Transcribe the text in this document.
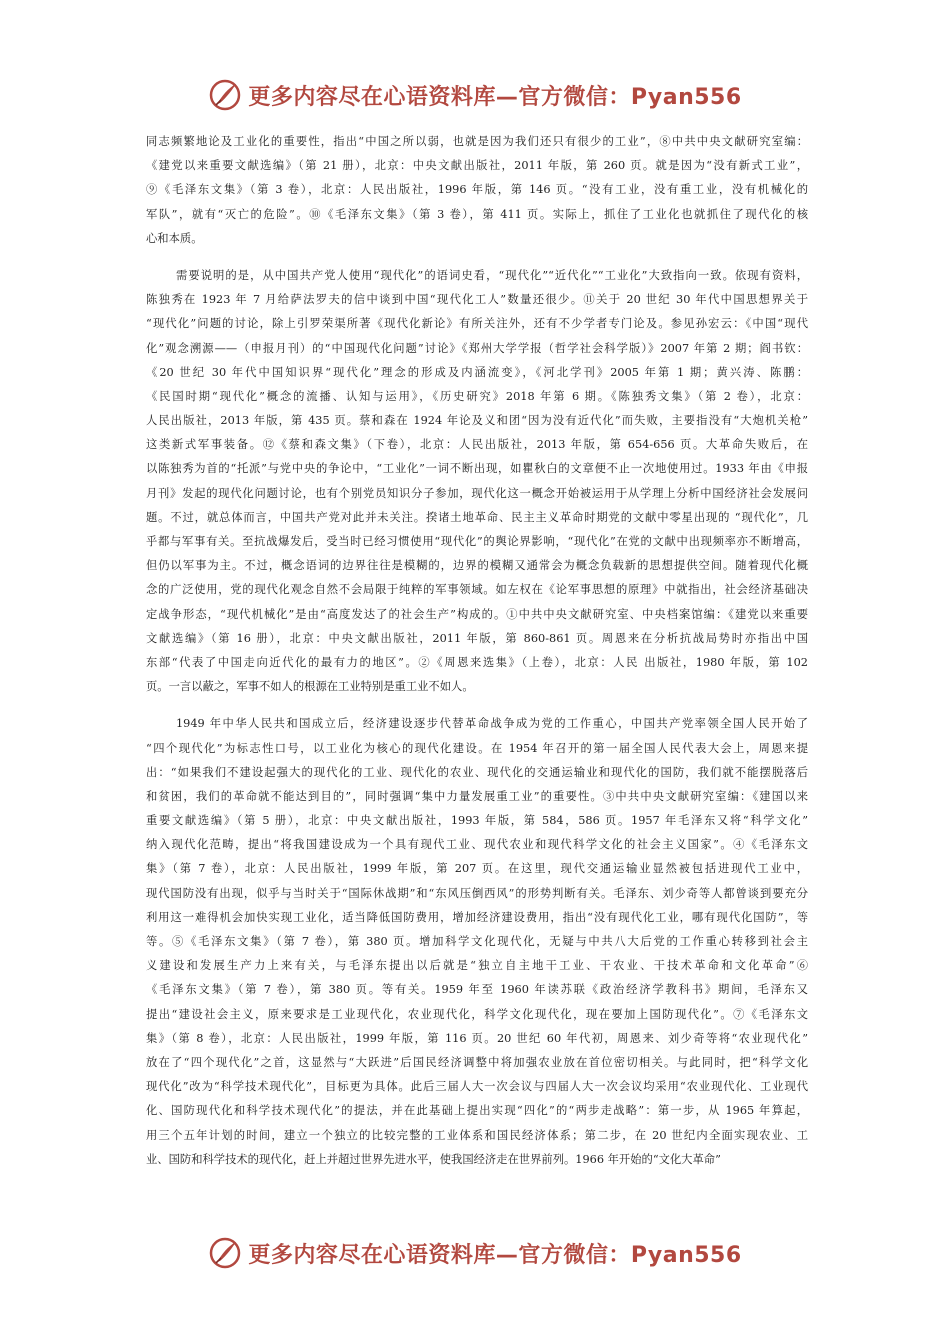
更多内容尽在心语资料库—官方微信：Pyan556
同志频繁地论及工业化的重要性，指出“中国之所以弱，也就是因为我们还只有很少的工业”，⑧中共中央文献研究室编：
《建党以来重要文献选编》（第 21 册），北京：中央文献出版社，2011 年版，第 260 页。就是因为“没有新式工业”，
⑨《毛泽东文集》（第 3 卷），北京：人民出版社，1996 年版，第 146 页。“没有工业，没有重工业，没有机械化的
军队”，就有“灭亡的危险”。⑩《毛泽东文集》（第 3 卷），第 411 页。实际上，抓住了工业化也就抓住了现代化的核
心和本质。
需要说明的是，从中国共产党人使用“现代化”的语词史看，“现代化”“近代化”“工业化”大致指向一致。依现有资料，
陈独秀在 1923 年 7 月给萨法罗夫的信中谈到中国“现代化工人”数量还很少。⑪关于 20 世纪 30 年代中国思想界关于
“现代化”问题的讨论，除上引罗荣渠所著《现代化新论》有所关注外，还有不少学者专门论及。参见孙宏云：《中国“现代
化”观念溯源——（申报月刊）的“中国现代化问题”讨论》《郑州大学学报（哲学社会科学版）》2007 年第 2 期；阎书钦：
《20 世纪 30 年代中国知识界“现代化”理念的形成及内涵流变》，《河北学刊》2005 年第 1 期；黄兴涛、陈鹏：
《民国时期“现代化”概念的流播、认知与运用》，《历史研究》2018 年第 6 期。《陈独秀文集》（第 2 卷），北京：
人民出版社，2013 年版，第 435 页。蔡和森在 1924 年论及义和团“因为没有近代化”而失败，主要指没有“大炮机关枪”
这类新式军事装备。⑫《蔡和森文集》（下卷），北京：人民出版社，2013 年版，第 654-656 页。大革命失败后，在
以陈独秀为首的“托派”与党中央的争论中，“工业化”一词不断出现，如瞿秋白的文章便不止一次地使用过。1933 年由《申报
月刊》发起的现代化问题讨论，也有个别党员知识分子参加，现代化这一概念开始被运用于从学理上分析中国经济社会发展问
题。不过，就总体而言，中国共产党对此并未关注。揆诸土地革命、民主主义革命时期党的文献中零星出现的 “现代化”，几
乎都与军事有关。至抗战爆发后，受当时已经习惯使用“现代化”的舆论界影响，“现代化”在党的文献中出现频率亦不断增高，
但仍以军事为主。不过，概念语词的边界往往是模糊的，边界的模糊又通常会为概念负载新的思想提供空间。随着现代化概
念的广泛使用，党的现代化观念自然不会局限于纯粹的军事领域。如左权在《论军事思想的原理》中就指出，社会经济基础决
定战争形态，“现代机械化”是由“高度发达了的社会生产”构成的。①中共中央文献研究室、中央档案馆编：《建党以来重要
文献选编》（第 16 册），北京：中央文献出版社，2011 年版，第 860-861 页。周恩来在分析抗战局势时亦指出中国
东部“代表了中国走向近代化的最有力的地区”。②《周恩来选集》（上卷），北京：人民 出版社，1980 年版，第 102
页。一言以蔽之，军事不如人的根源在工业特别是重工业不如人。
1949 年中华人民共和国成立后，经济建设逐步代替革命战争成为党的工作重心，中国共产党率领全国人民开始了
“四个现代化”为标志性口号，以工业化为核心的现代化建设。在 1954 年召开的第一届全国人民代表大会上，周恩来提
出：“如果我们不建设起强大的现代化的工业、现代化的农业、现代化的交通运输业和现代化的国防，我们就不能摆脱落后
和贫困，我们的革命就不能达到目的”，同时强调“集中力量发展重工业”的重要性。③中共中央文献研究室编：《建国以来
重要文献选编》（第 5 册），北京：中央文献出版社，1993 年版，第 584，586 页。1957 年毛泽东又将“科学文化”
纳入现代化范畴，提出“将我国建设成为一个具有现代工业、现代农业和现代科学文化的社会主义国家”。④《毛泽东文
集》（第 7 卷），北京：人民出版社，1999 年版，第 207 页。在这里，现代交通运输业显然被包括进现代工业中，
现代国防没有出现，似乎与当时关于“国际休战期”和“东风压倒西风”的形势判断有关。毛泽东、刘少奇等人都曾谈到要充分
利用这一难得机会加快实现工业化，适当降低国防费用，增加经济建设费用，指出“没有现代化工业，哪有现代化国防”，等
等。⑤《毛泽东文集》（第 7 卷），第 380 页。增加科学文化现代化，无疑与中共八大后党的工作重心转移到社会主
义建设和发展生产力上来有关，与毛泽东提出以后就是“独立自主地干工业、干农业、干技术革命和文化革命”⑥
《毛泽东文集》（第 7 卷），第 380 页。等有关。1959 年至 1960 年读苏联《政治经济学教科书》期间，毛泽东又
提出“建设社会主义，原来要求是工业现代化，农业现代化，科学文化现代化，现在要加上国防现代化”。⑦《毛泽东文
集》（第 8 卷），北京：人民出版社，1999 年版，第 116 页。20 世纪 60 年代初，周恩来、刘少奇等将“农业现代化”
放在了“四个现代化”之首，这显然与“大跃进”后国民经济调整中将加强农业放在首位密切相关。与此同时，把“科学文化
现代化”改为“科学技术现代化”，目标更为具体。此后三届人大一次会议与四届人大一次会议均采用“农业现代化、工业现代
化、国防现代化和科学技术现代化”的提法，并在此基础上提出实现“四化”的“两步走战略”：第一步，从 1965 年算起，
用三个五年计划的时间，建立一个独立的比较完整的工业体系和国民经济体系；第二步，在 20 世纪内全面实现农业、工
业、国防和科学技术的现代化，赶上并超过世界先进水平，使我国经济走在世界前列。1966 年开始的“文化大革命”
更多内容尽在心语资料库—官方微信：Pyan556
